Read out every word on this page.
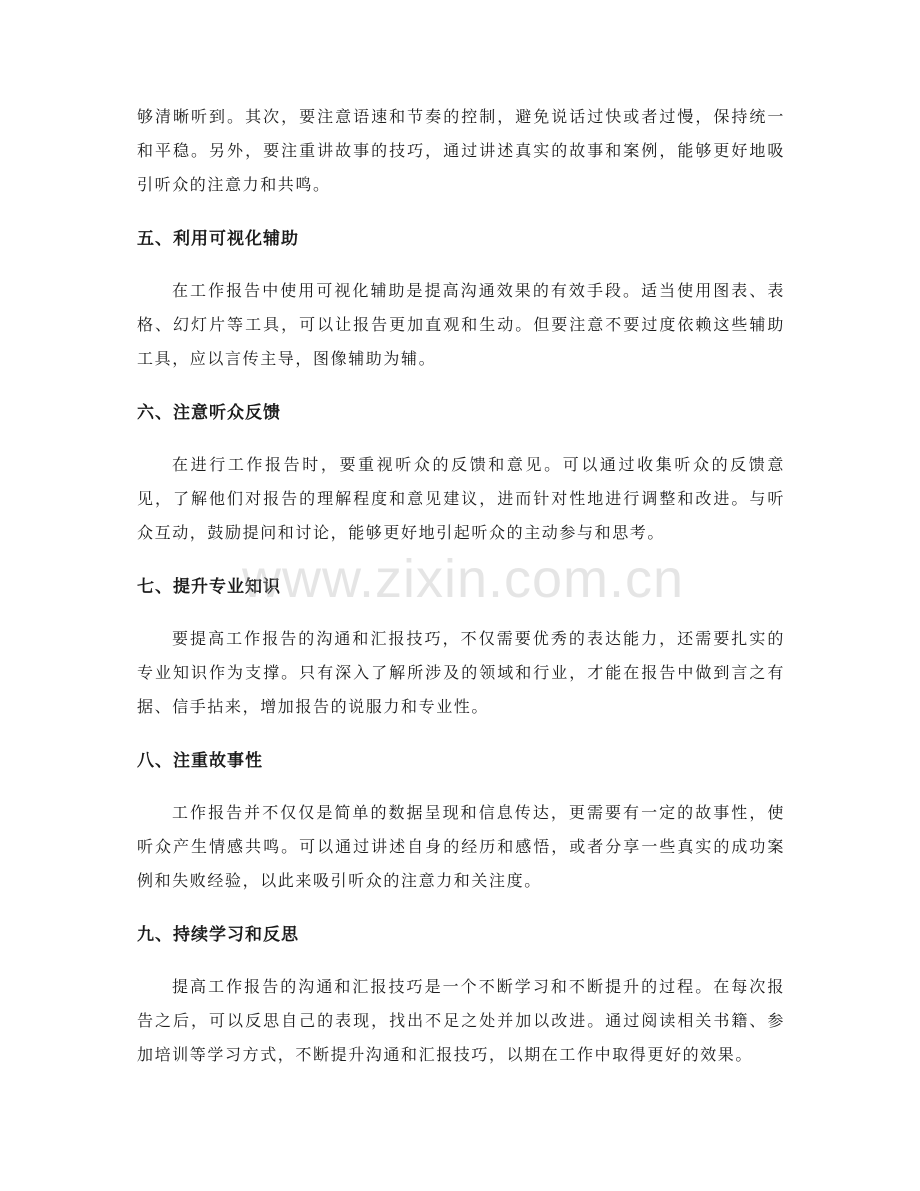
够清晰听到。其次，要注意语速和节奏的控制，避免说话过快或者过慢，保持统一和平稳。另外，要注重讲故事的技巧，通过讲述真实的故事和案例，能够更好地吸引听众的注意力和共鸣。

五、利用可视化辅助

在工作报告中使用可视化辅助是提高沟通效果的有效手段。适当使用图表、表格、幻灯片等工具，可以让报告更加直观和生动。但要注意不要过度依赖这些辅助工具，应以言传主导，图像辅助为辅。

六、注意听众反馈

在进行工作报告时，要重视听众的反馈和意见。可以通过收集听众的反馈意见，了解他们对报告的理解程度和意见建议，进而针对性地进行调整和改进。与听众互动，鼓励提问和讨论，能够更好地引起听众的主动参与和思考。

七、提升专业知识

要提高工作报告的沟通和汇报技巧，不仅需要优秀的表达能力，还需要扎实的专业知识作为支撑。只有深入了解所涉及的领域和行业，才能在报告中做到言之有据、信手拈来，增加报告的说服力和专业性。

八、注重故事性

工作报告并不仅仅是简单的数据呈现和信息传达，更需要有一定的故事性，使听众产生情感共鸣。可以通过讲述自身的经历和感悟，或者分享一些真实的成功案例和失败经验，以此来吸引听众的注意力和关注度。

九、持续学习和反思

提高工作报告的沟通和汇报技巧是一个不断学习和不断提升的过程。在每次报告之后，可以反思自己的表现，找出不足之处并加以改进。通过阅读相关书籍、参加培训等学习方式，不断提升沟通和汇报技巧，以期在工作中取得更好的效果。

www.zixin.com.cn
